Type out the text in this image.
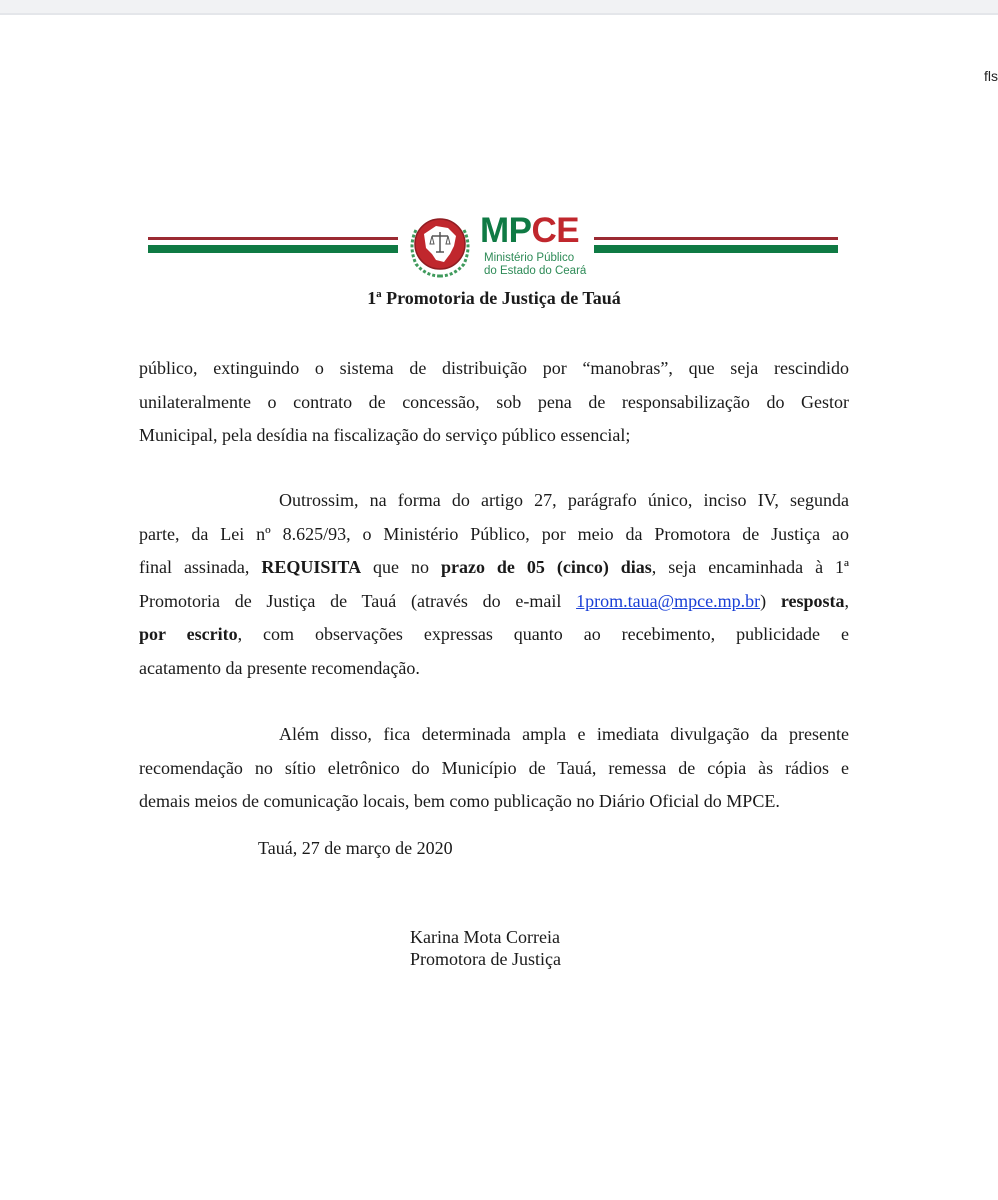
fls
MPCE
Ministério Público
do Estado do Ceará
1ª Promotoria de Justiça de Tauá
público, extinguindo o sistema de distribuição por “manobras”, que seja rescindido
unilateralmente o contrato de concessão, sob pena de responsabilização do Gestor
Municipal, pela desídia na fiscalização do serviço público essencial;
Outrossim, na forma do artigo 27, parágrafo único, inciso IV, segunda
parte, da Lei nº 8.625/93, o Ministério Público, por meio da Promotora de Justiça ao
final assinada, REQUISITA que no prazo de 05 (cinco) dias, seja encaminhada à 1ª
Promotoria de Justiça de Tauá (através do e-mail 1prom.taua@mpce.mp.br) resposta,
por escrito, com observações expressas quanto ao recebimento, publicidade e
acatamento da presente recomendação.
Além disso, fica determinada ampla e imediata divulgação da presente
recomendação no sítio eletrônico do Município de Tauá, remessa de cópia às rádios e
demais meios de comunicação locais, bem como publicação no Diário Oficial do MPCE.
Tauá, 27 de março de 2020
Karina Mota Correia
Promotora de Justiça
